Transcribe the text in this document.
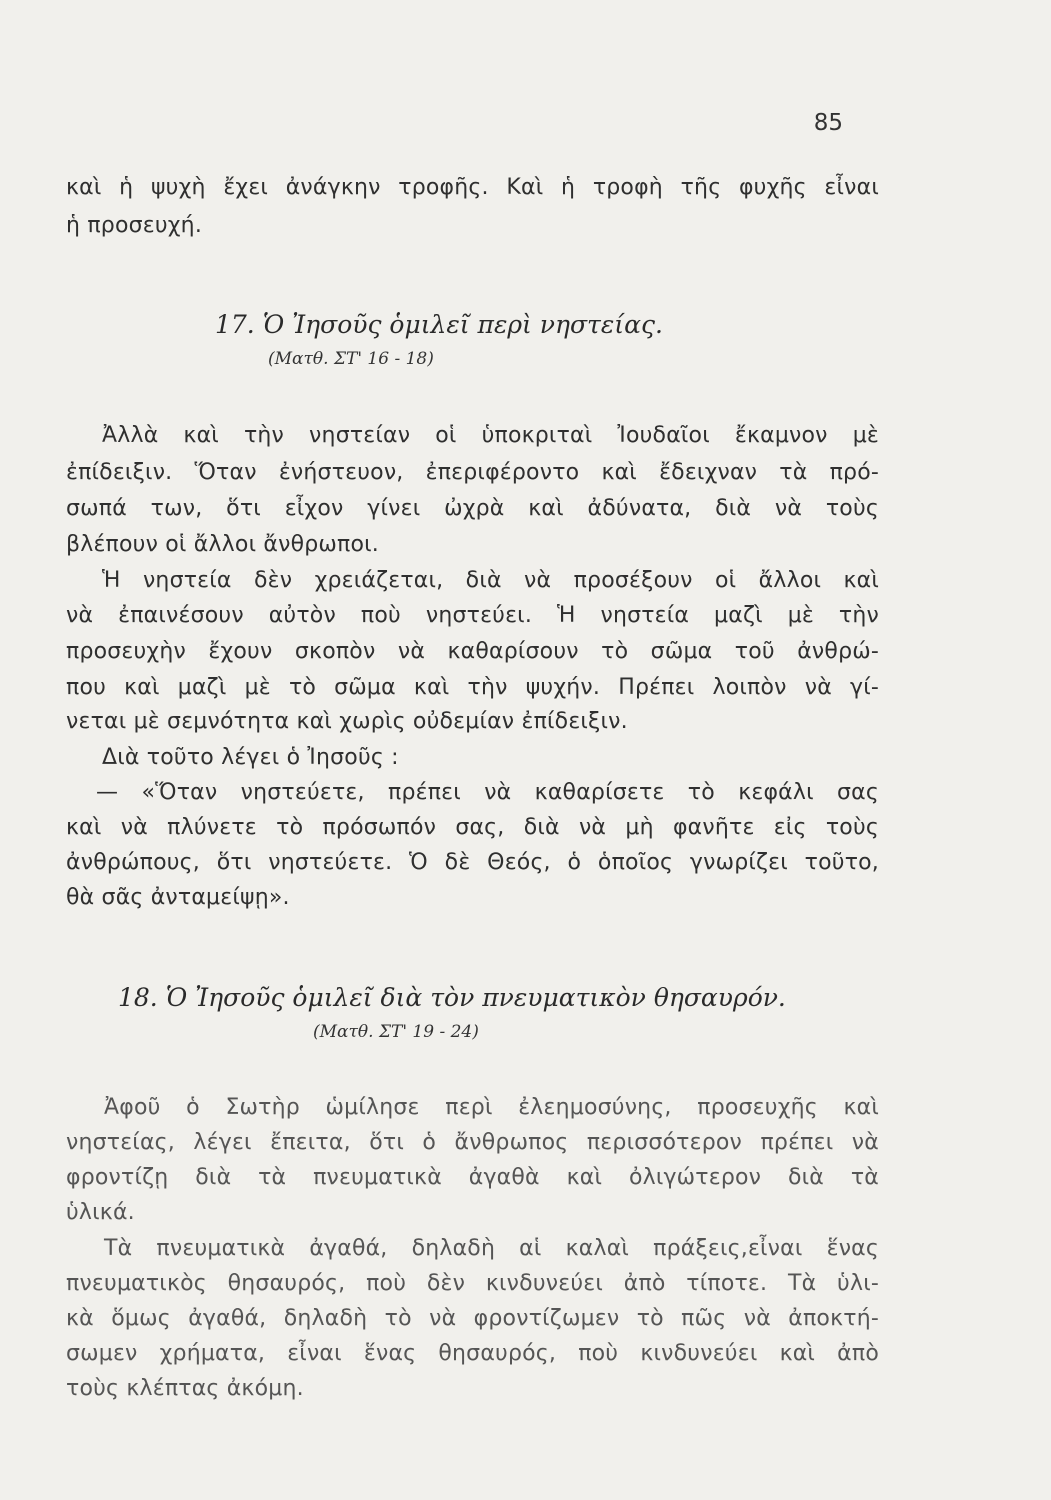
85
καὶ ἡ ψυχὴ ἔχει ἀνάγκην τροφῆς. Καὶ ἡ τροφὴ τῆς φυχῆς εἶναι
ἡ προσευχή.
17. Ὁ Ἰησοῦς ὁμιλεῖ περὶ νηστείας.
(Ματθ. ΣΤ' 16 - 18)
Ἀλλὰ καὶ τὴν νηστείαν οἱ ὑποκριταὶ Ἰουδαῖοι ἔκαμνον μὲ
ἐπίδειξιν. Ὅταν ἐνήστευον, ἐπεριφέροντο καὶ ἔδειχναν τὰ πρό-
σωπά των, ὅτι εἶχον γίνει ὠχρὰ καὶ ἀδύνατα, διὰ νὰ τοὺς
βλέπουν οἱ ἄλλοι ἄνθρωποι.
Ἡ νηστεία δὲν χρειάζεται, διὰ νὰ προσέξουν οἱ ἄλλοι καὶ
νὰ ἐπαινέσουν αὐτὸν ποὺ νηστεύει. Ἡ νηστεία μαζὶ μὲ τὴν
προσευχὴν ἔχουν σκοπὸν νὰ καθαρίσουν τὸ σῶμα τοῦ ἀνθρώ-
που καὶ μαζὶ μὲ τὸ σῶμα καὶ τὴν ψυχήν. Πρέπει λοιπὸν νὰ γί-
νεται μὲ σεμνότητα καὶ χωρὶς οὐδεμίαν ἐπίδειξιν.
Διὰ τοῦτο λέγει ὁ Ἰησοῦς :
— «Ὅταν νηστεύετε, πρέπει νὰ καθαρίσετε τὸ κεφάλι σας
καὶ νὰ πλύνετε τὸ πρόσωπόν σας, διὰ νὰ μὴ φανῆτε εἰς τοὺς
ἀνθρώπους, ὅτι νηστεύετε. Ὁ δὲ Θεός, ὁ ὁποῖος γνωρίζει τοῦτο,
θὰ σᾶς ἀνταμείψῃ».
18. Ὁ Ἰησοῦς ὁμιλεῖ διὰ τὸν πνευματικὸν θησαυρόν.
(Ματθ. ΣΤ' 19 - 24)
Ἀφοῦ ὁ Σωτὴρ ὡμίλησε περὶ ἐλεημοσύνης, προσευχῆς καὶ
νηστείας, λέγει ἔπειτα, ὅτι ὁ ἄνθρωπος περισσότερον πρέπει νὰ
φροντίζῃ διὰ τὰ πνευματικὰ ἀγαθὰ καὶ ὀλιγώτερον διὰ τὰ
ὑλικά.
Τὰ πνευματικὰ ἀγαθά, δηλαδὴ αἱ καλαὶ πράξεις,εἶναι ἕνας
πνευματικὸς θησαυρός, ποὺ δὲν κινδυνεύει ἀπὸ τίποτε. Τὰ ὑλι-
κὰ ὅμως ἀγαθά, δηλαδὴ τὸ νὰ φροντίζωμεν τὸ πῶς νὰ ἀποκτή-
σωμεν χρήματα, εἶναι ἕνας θησαυρός, ποὺ κινδυνεύει καὶ ἀπὸ
τοὺς κλέπτας ἀκόμη.
